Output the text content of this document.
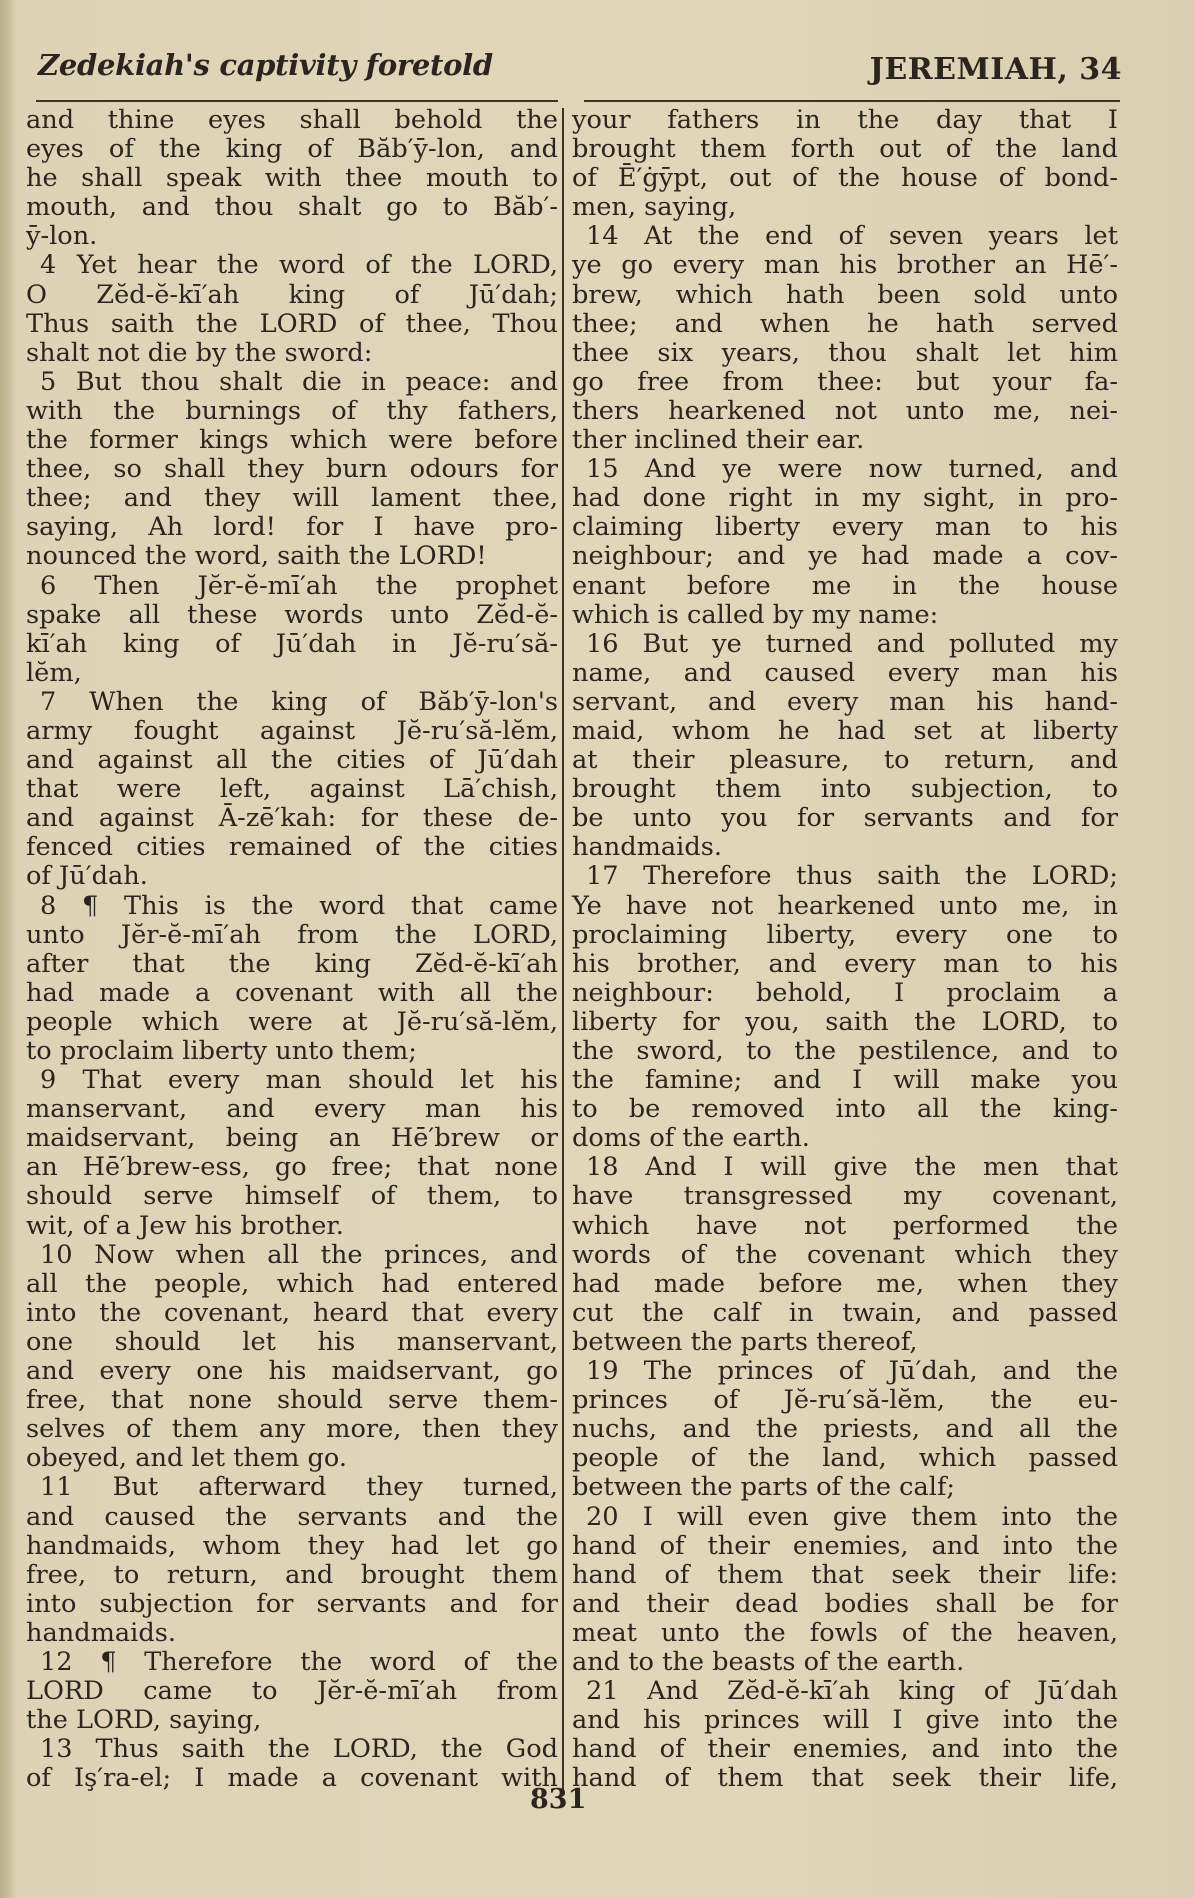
Zedekiah's captivity foretold	JEREMIAH, 34
and thine eyes shall behold the
eyes of the king of Băb′ȳ-lon, and
he shall speak with thee mouth to
mouth, and thou shalt go to Băb′-
ȳ-lon.
4 Yet hear the word of the LORD,
O Zĕd-ĕ-kī′ah king of Jū′dah;
Thus saith the LORD of thee, Thou
shalt not die by the sword:
5 But thou shalt die in peace: and
with the burnings of thy fathers,
the former kings which were before
thee, so shall they burn odours for
thee; and they will lament thee,
saying, Ah lord! for I have pro-
nounced the word, saith the LORD!
6 Then Jĕr-ĕ-mī′ah the prophet
spake all these words unto Zĕd-ĕ-
kī′ah king of Jū′dah in Jĕ-ru′să-
lĕm,
7 When the king of Băb′ȳ-lon's
army fought against Jĕ-ru′să-lĕm,
and against all the cities of Jū′dah
that were left, against Lā′chish,
and against Ā-zē′kah: for these de-
fenced cities remained of the cities
of Jū′dah.
8 ¶ This is the word that came
unto Jĕr-ĕ-mī′ah from the LORD,
after that the king Zĕd-ĕ-kī′ah
had made a covenant with all the
people which were at Jĕ-ru′să-lĕm,
to proclaim liberty unto them;
9 That every man should let his
manservant, and every man his
maidservant, being an Hē′brew or
an Hē′brew-ess, go free; that none
should serve himself of them, to
wit, of a Jew his brother.
10 Now when all the princes, and
all the people, which had entered
into the covenant, heard that every
one should let his manservant,
and every one his maidservant, go
free, that none should serve them-
selves of them any more, then they
obeyed, and let them go.
11 But afterward they turned,
and caused the servants and the
handmaids, whom they had let go
free, to return, and brought them
into subjection for servants and for
handmaids.
12 ¶ Therefore the word of the
LORD came to Jĕr-ĕ-mī′ah from
the LORD, saying,
13 Thus saith the LORD, the God
of Iş′ra-el; I made a covenant with
your fathers in the day that I
brought them forth out of the land
of Ē′ġȳpt, out of the house of bond-
men, saying,
14 At the end of seven years let
ye go every man his brother an Hē′-
brew, which hath been sold unto
thee; and when he hath served
thee six years, thou shalt let him
go free from thee: but your fa-
thers hearkened not unto me, nei-
ther inclined their ear.
15 And ye were now turned, and
had done right in my sight, in pro-
claiming liberty every man to his
neighbour; and ye had made a cov-
enant before me in the house
which is called by my name:
16 But ye turned and polluted my
name, and caused every man his
servant, and every man his hand-
maid, whom he had set at liberty
at their pleasure, to return, and
brought them into subjection, to
be unto you for servants and for
handmaids.
17 Therefore thus saith the LORD;
Ye have not hearkened unto me, in
proclaiming liberty, every one to
his brother, and every man to his
neighbour: behold, I proclaim a
liberty for you, saith the LORD, to
the sword, to the pestilence, and to
the famine; and I will make you
to be removed into all the king-
doms of the earth.
18 And I will give the men that
have transgressed my covenant,
which have not performed the
words of the covenant which they
had made before me, when they
cut the calf in twain, and passed
between the parts thereof,
19 The princes of Jū′dah, and the
princes of Jĕ-ru′să-lĕm, the eu-
nuchs, and the priests, and all the
people of the land, which passed
between the parts of the calf;
20 I will even give them into the
hand of their enemies, and into the
hand of them that seek their life:
and their dead bodies shall be for
meat unto the fowls of the heaven,
and to the beasts of the earth.
21 And Zĕd-ĕ-kī′ah king of Jū′dah
and his princes will I give into the
hand of their enemies, and into the
hand of them that seek their life,
831
